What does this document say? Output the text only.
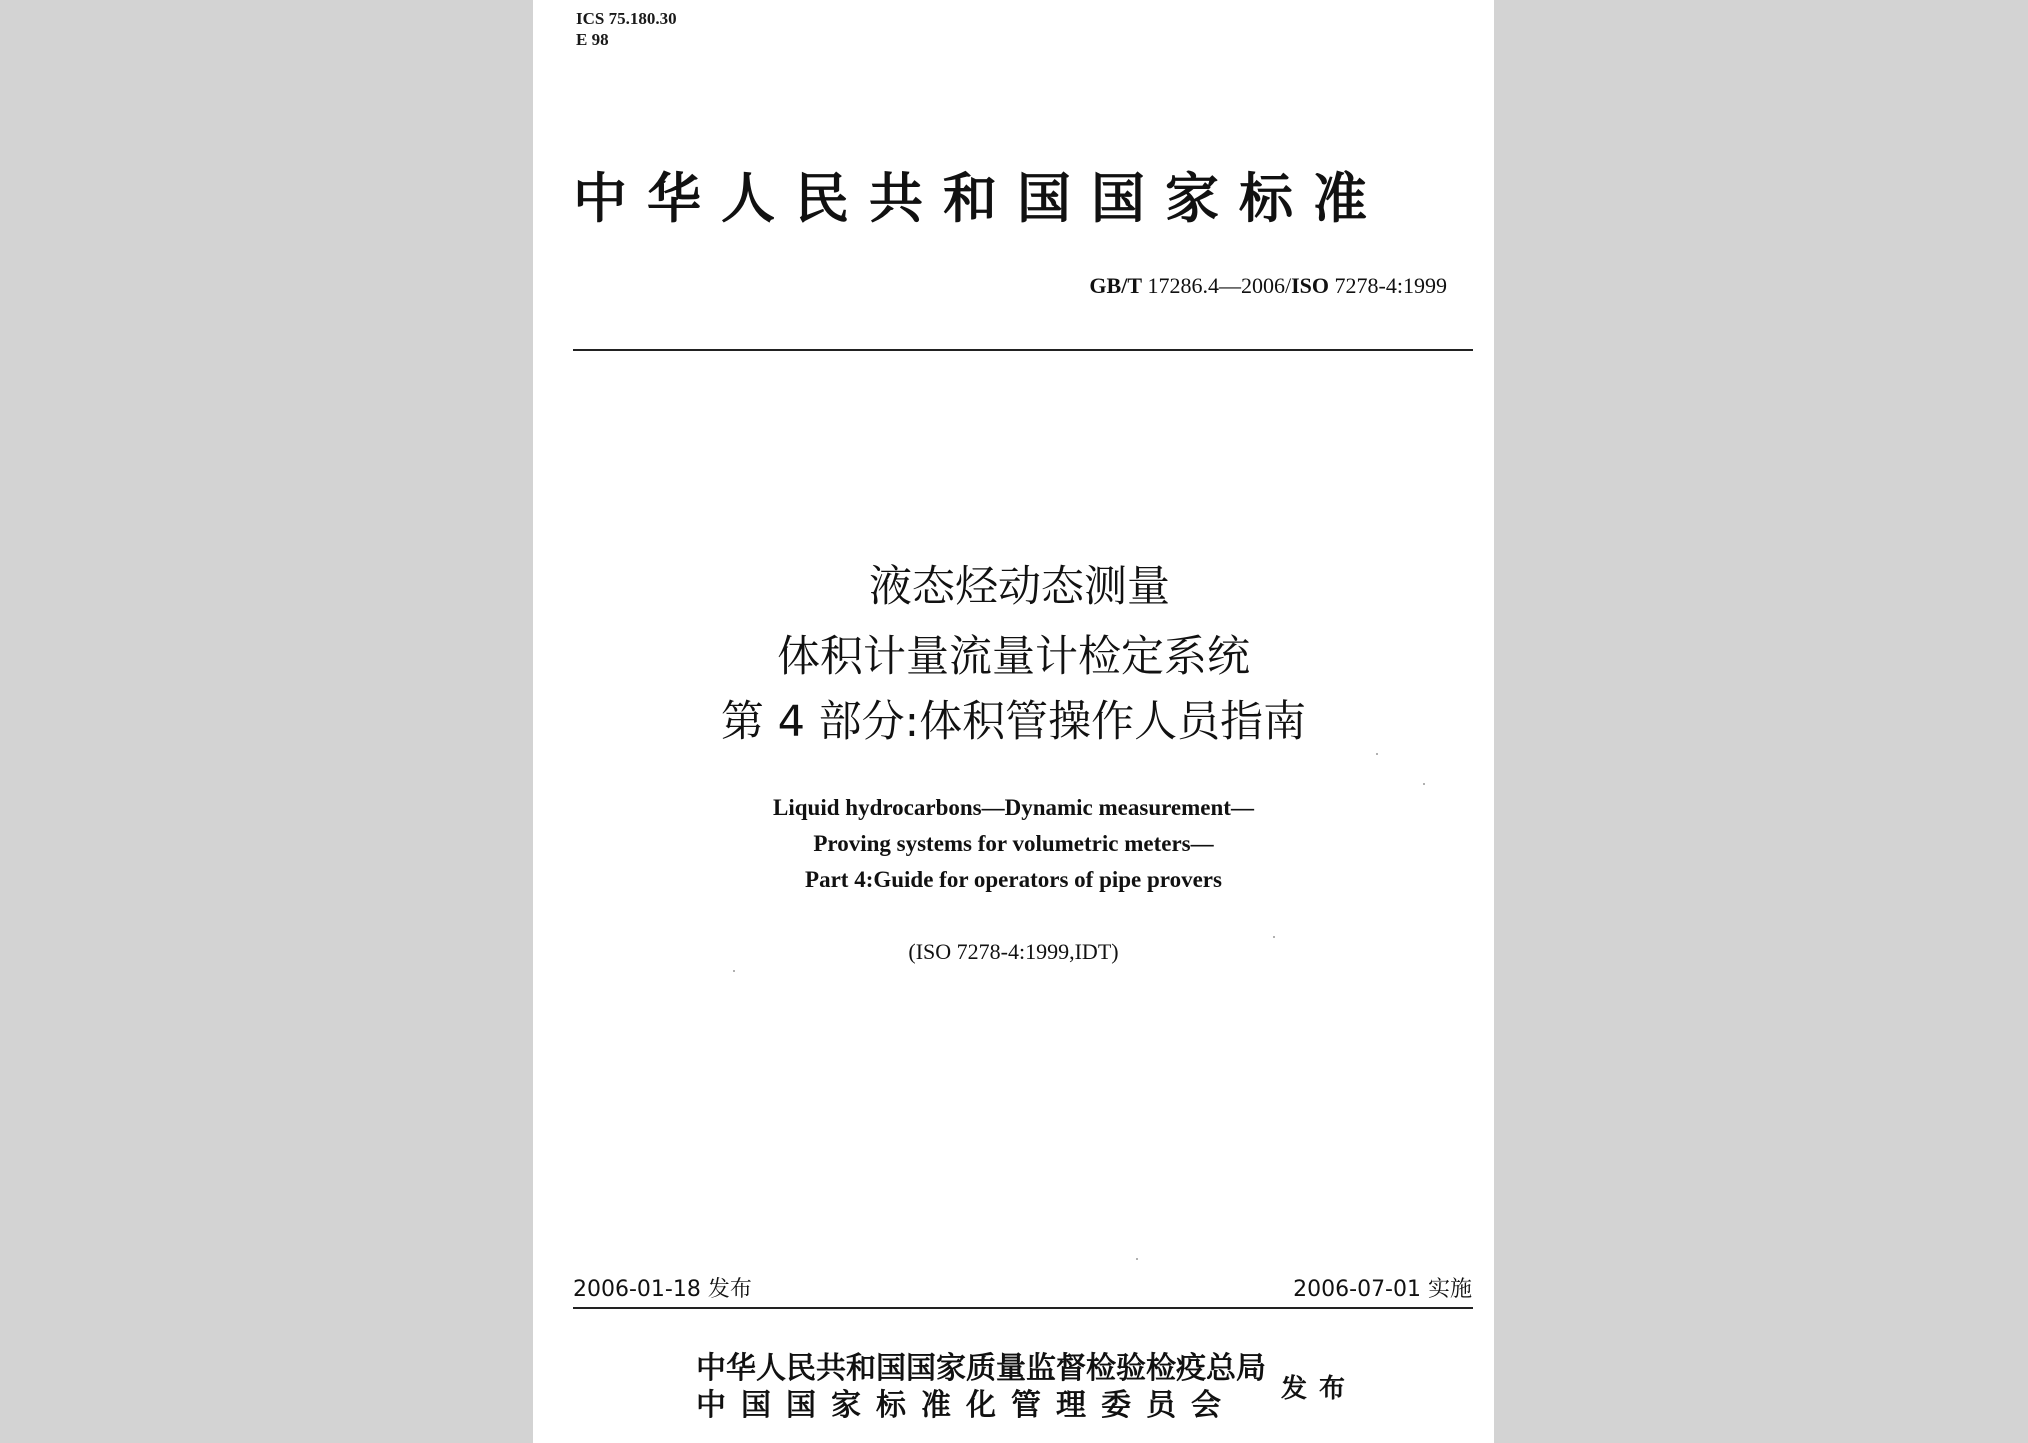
ICS 75.180.30
E 98
中华人民共和国国家标准
GB/T 17286.4—2006/ISO 7278-4:1999
液态烃动态测量
体积计量流量计检定系统
第 4 部分:体积管操作人员指南
Liquid hydrocarbons—Dynamic measurement—
Proving systems for volumetric meters—
Part 4:Guide for operators of pipe provers
(ISO 7278-4:1999,IDT)
2006-01-18 发布	2006-07-01 实施
中华人民共和国国家质量监督检验检疫总局
中国国家标准化管理委员会	发布
